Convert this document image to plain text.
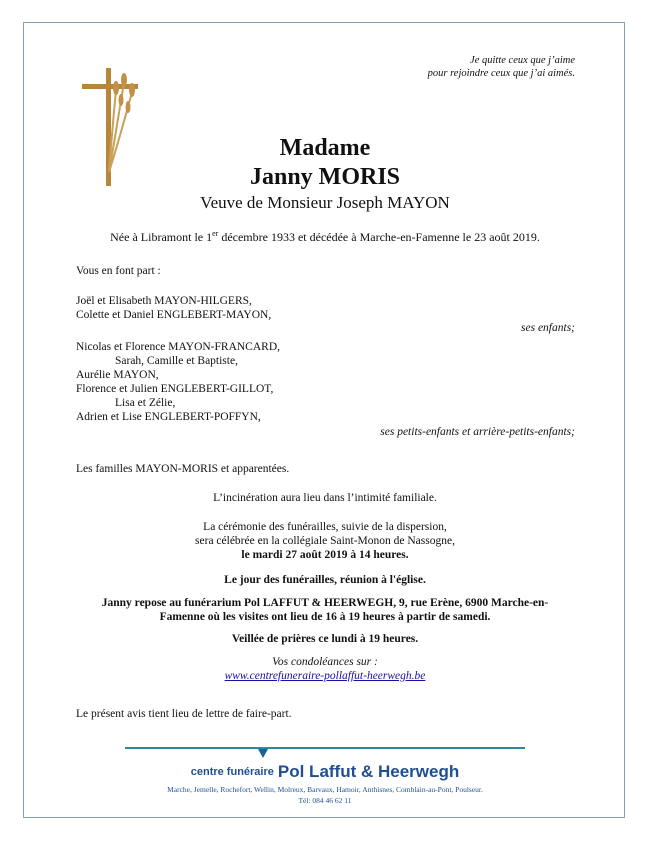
Je quitte ceux que j’aime
pour rejoindre ceux que j’ai aimés.
Madame
Janny MORIS
Veuve de Monsieur Joseph MAYON
Née à Libramont le 1er décembre 1933 et décédée à Marche-en-Famenne le 23 août 2019.
Vous en font part :
Joël et Elisabeth MAYON-HILGERS,
Colette et Daniel ENGLEBERT-MAYON,
ses enfants;
Nicolas et Florence MAYON-FRANCARD,
Sarah, Camille et Baptiste,
Aurélie MAYON,
Florence et Julien ENGLEBERT-GILLOT,
Lisa et Zélie,
Adrien et Lise ENGLEBERT-POFFYN,
ses petits-enfants et arrière-petits-enfants;
Les familles MAYON-MORIS et apparentées.
L’incinération aura lieu dans l’intimité familiale.
La cérémonie des funérailles, suivie de la dispersion,
sera célébrée en la collégiale Saint-Monon de Nassogne,
le mardi 27 août 2019 à 14 heures.
Le jour des funérailles, réunion à l'église.
Janny repose au funérarium Pol LAFFUT & HEERWEGH, 9, rue Erène, 6900 Marche-en-
Famenne où les visites ont lieu de 16 à 19 heures à partir de samedi.
Veillée de prières ce lundi à 19 heures.
Vos condoléances sur :
www.centrefuneraire-pollaffut-heerwegh.be
Le présent avis tient lieu de lettre de faire-part.
centre funéraire Pol Laffut & Heerwegh
Marche, Jemelle, Rochefort, Wellin, Molreux, Barvaux, Hamoir, Anthisnes, Comblain-au-Pont, Poulseur.
Tél: 084 46 62 11
